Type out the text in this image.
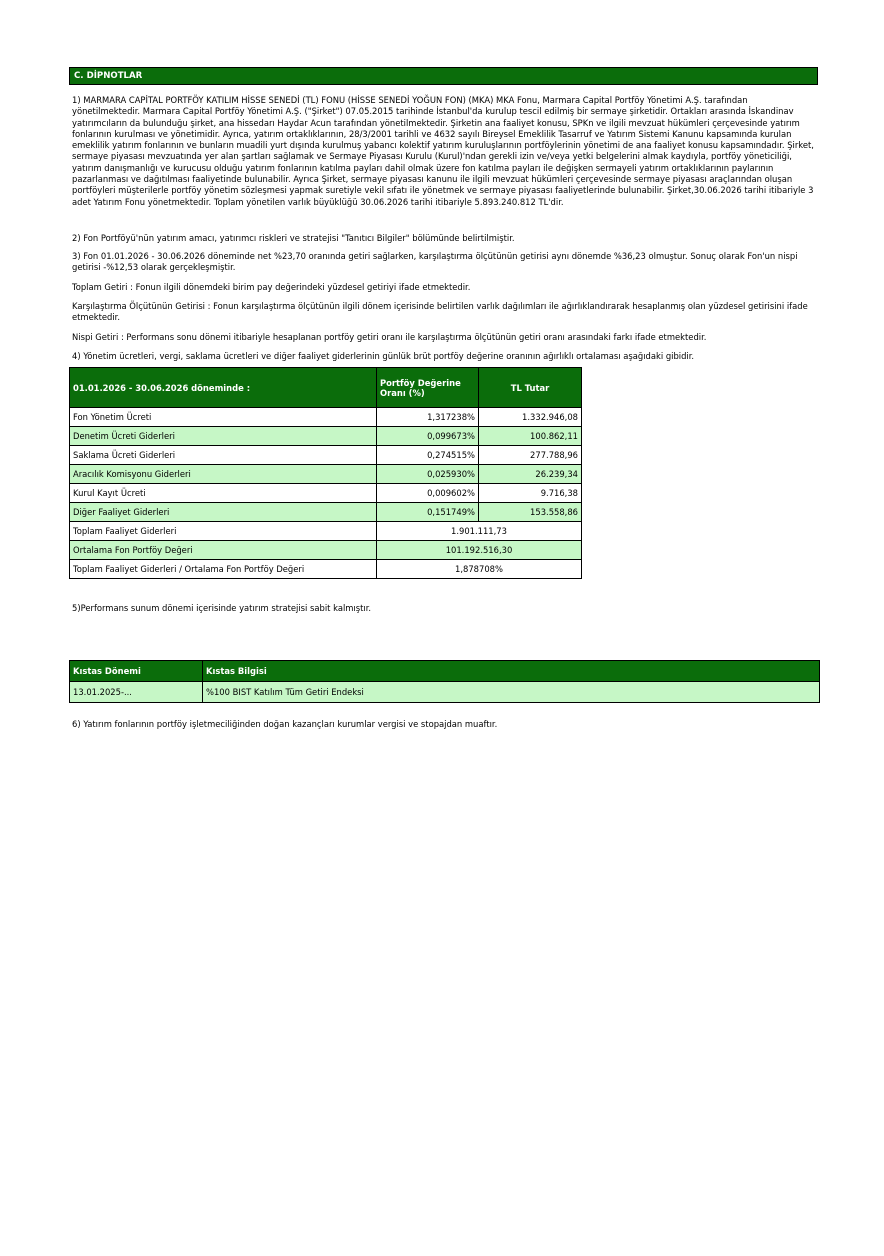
C. DİPNOTLAR

1) MARMARA CAPİTAL PORTFÖY KATILIM HİSSE SENEDİ (TL) FONU (HİSSE SENEDİ YOĞUN FON) (MKA) MKA Fonu, Marmara Capital Portföy Yönetimi A.Ş. tarafından yönetilmektedir. Marmara Capital Portföy Yönetimi A.Ş. ("Şirket") 07.05.2015 tarihinde İstanbul'da kurulup tescil edilmiş bir sermaye şirketidir. Ortakları arasında İskandinav yatırımcıların da bulunduğu şirket, ana hissedarı Haydar Acun tarafından yönetilmektedir. Şirketin ana faaliyet konusu, SPKn ve ilgili mevzuat hükümleri çerçevesinde yatırım fonlarının kurulması ve yönetimidir. Ayrıca, yatırım ortaklıklarının, 28/3/2001 tarihli ve 4632 sayılı Bireysel Emeklilik Tasarruf ve Yatırım Sistemi Kanunu kapsamında kurulan emeklilik yatırım fonlarının ve bunların muadili yurt dışında kurulmuş yabancı kolektif yatırım kuruluşlarının portföylerinin yönetimi de ana faaliyet konusu kapsamındadır. Şirket, sermaye piyasası mevzuatında yer alan şartları sağlamak ve Sermaye Piyasası Kurulu (Kurul)'ndan gerekli izin ve/veya yetki belgelerini almak kaydıyla, portföy yöneticiliği, yatırım danışmanlığı ve kurucusu olduğu yatırım fonlarının katılma payları dahil olmak üzere fon katılma payları ile değişken sermayeli yatırım ortaklıklarının paylarının pazarlanması ve dağıtılması faaliyetinde bulunabilir. Ayrıca Şirket, sermaye piyasası kanunu ile ilgili mevzuat hükümleri çerçevesinde sermaye piyasası araçlarından oluşan portföyleri müşterilerle portföy yönetim sözleşmesi yapmak suretiyle vekil sıfatı ile yönetmek ve sermaye piyasası faaliyetlerinde bulunabilir. Şirket,30.06.2026 tarihi itibariyle 3 adet Yatırım Fonu yönetmektedir. Toplam yönetilen varlık büyüklüğü 30.06.2026 tarihi itibariyle 5.893.240.812 TL'dir.

2) Fon Portföyü'nün yatırım amacı, yatırımcı riskleri ve stratejisi "Tanıtıcı Bilgiler" bölümünde belirtilmiştir.

3) Fon 01.01.2026 - 30.06.2026 döneminde net %23,70 oranında getiri sağlarken, karşılaştırma ölçütünün getirisi aynı dönemde %36,23 olmuştur. Sonuç olarak Fon'un nispi getirisi -%12,53 olarak gerçekleşmiştir.

Toplam Getiri : Fonun ilgili dönemdeki birim pay değerindeki yüzdesel getiriyi ifade etmektedir.

Karşılaştırma Ölçütünün Getirisi : Fonun karşılaştırma ölçütünün ilgili dönem içerisinde belirtilen varlık dağılımları ile ağırlıklandırarak hesaplanmış olan yüzdesel getirisini ifade etmektedir.

Nispi Getiri : Performans sonu dönemi itibariyle hesaplanan portföy getiri oranı ile karşılaştırma ölçütünün getiri oranı arasındaki farkı ifade etmektedir.

4) Yönetim ücretleri, vergi, saklama ücretleri ve diğer faaliyet giderlerinin günlük brüt portföy değerine oranının ağırlıklı ortalaması aşağıdaki gibidir.

01.01.2026 - 30.06.2026 döneminde :	Portföy Değerine Oranı (%)	TL Tutar
Fon Yönetim Ücreti	1,317238%	1.332.946,08
Denetim Ücreti Giderleri	0,099673%	100.862,11
Saklama Ücreti Giderleri	0,274515%	277.788,96
Aracılık Komisyonu Giderleri	0,025930%	26.239,34
Kurul Kayıt Ücreti	0,009602%	9.716,38
Diğer Faaliyet Giderleri	0,151749%	153.558,86
Toplam Faaliyet Giderleri	1.901.111,73	
Ortalama Fon Portföy Değeri	101.192.516,30	
Toplam Faaliyet Giderleri / Ortalama Fon Portföy Değeri	1,878708%	

5)Performans sunum dönemi içerisinde yatırım stratejisi sabit kalmıştır.

Kıstas Dönemi	Kıstas Bilgisi
13.01.2025-...	%100 BIST Katılım Tüm Getiri Endeksi

6) Yatırım fonlarının portföy işletmeciliğinden doğan kazançları kurumlar vergisi ve stopajdan muaftır.
